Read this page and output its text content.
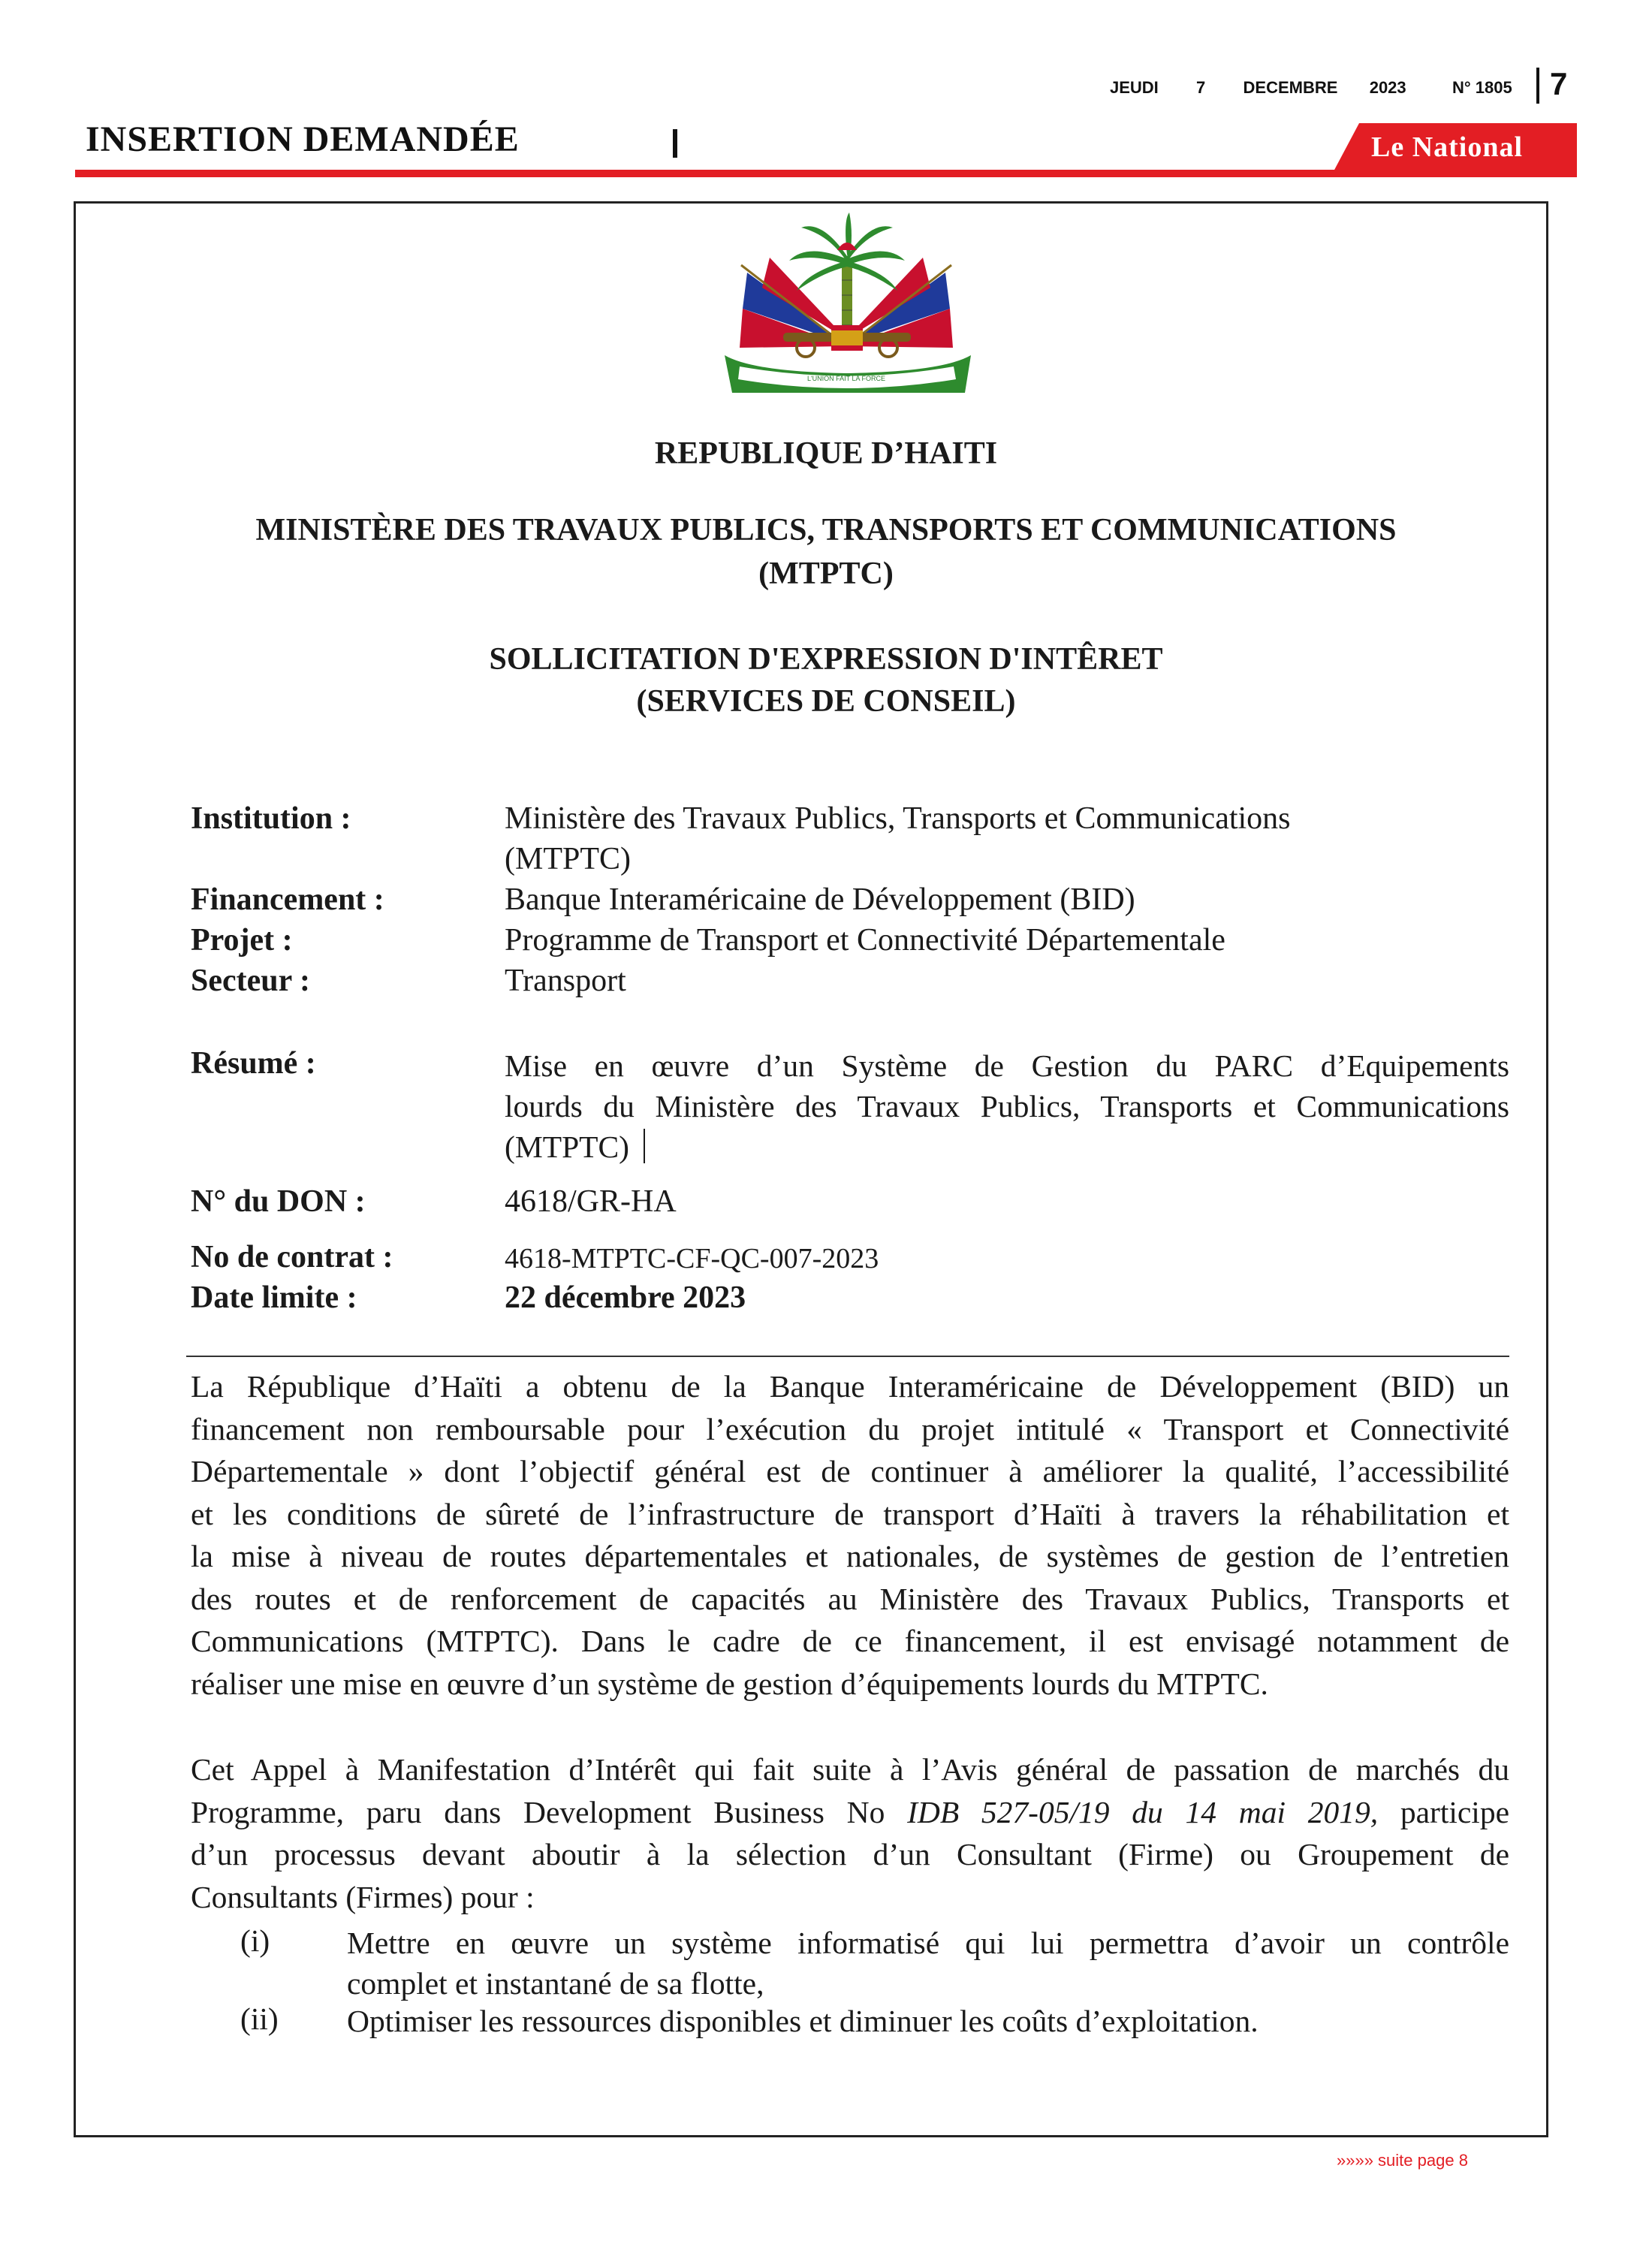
JEUDI 7 DECEMBRE 2023	N° 1805 7
INSERTION DEMANDÉE	Le National
L'UNION FAIT LA FORCE
REPUBLIQUE D’HAITI
MINISTÈRE DES TRAVAUX PUBLICS, TRANSPORTS ET COMMUNICATIONS
(MTPTC)
SOLLICITATION D'EXPRESSION D'INTÊRET
(SERVICES DE CONSEIL)
Institution :	Ministère des Travaux Publics, Transports et Communications
(MTPTC)
Financement :	Banque Interaméricaine de Développement (BID)
Projet :	Programme de Transport et Connectivité Départementale
Secteur :	Transport
Résumé :	Mise en œuvre d’un Système de Gestion du PARC d’Equipements
lourds du Ministère des Travaux Publics, Transports et Communications
(MTPTC)
N° du DON :	4618/GR-HA
No de contrat :	4618-MTPTC-CF-QC-007-2023
Date limite :	22 décembre 2023
La République d’Haïti a obtenu de la Banque Interaméricaine de Développement (BID) un
financement non remboursable pour l’exécution du projet intitulé « Transport et Connectivité
Départementale » dont l’objectif général est de continuer à améliorer la qualité, l’accessibilité
et les conditions de sûreté de l’infrastructure de transport d’Haïti à travers la réhabilitation et
la mise à niveau de routes départementales et nationales, de systèmes de gestion de l’entretien
des routes et de renforcement de capacités au Ministère des Travaux Publics, Transports et
Communications (MTPTC). Dans le cadre de ce financement, il est envisagé notamment de
réaliser une mise en œuvre d’un système de gestion d’équipements lourds du MTPTC.
Cet Appel à Manifestation d’Intérêt qui fait suite à l’Avis général de passation de marchés du
Programme, paru dans Development Business No IDB 527-05/19 du 14 mai 2019, participe
d’un processus devant aboutir à la sélection d’un Consultant (Firme) ou Groupement de
Consultants (Firmes) pour :
(i) Mettre en œuvre un système informatisé qui lui permettra d’avoir un contrôle
complet et instantané de sa flotte,
(ii) Optimiser les ressources disponibles et diminuer les coûts d’exploitation.
»»»» suite page 8
